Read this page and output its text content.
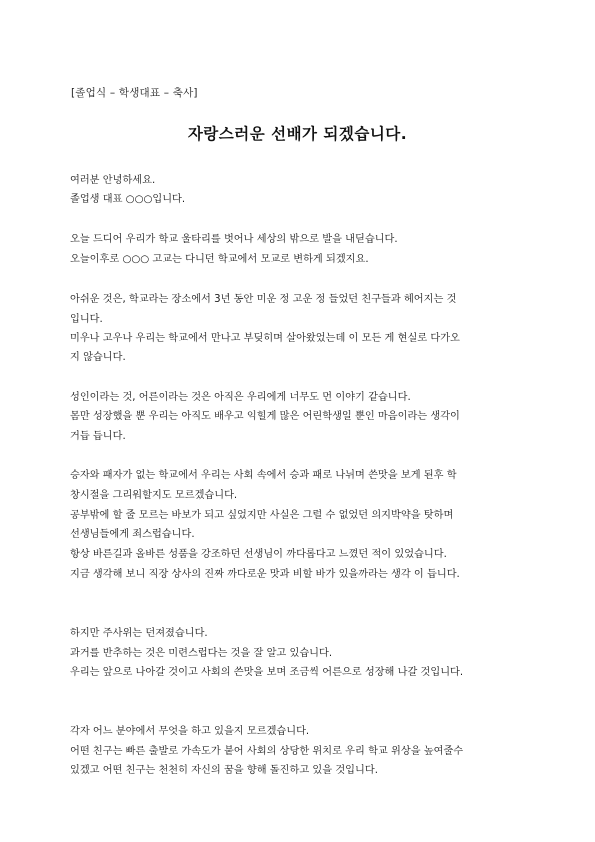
[졸업식 – 학생대표 – 축사]
자랑스러운 선배가 되겠습니다.
여러분 안녕하세요.
졸업생 대표 ○○○입니다.
오늘 드디어 우리가 학교 울타리를 벗어나 세상의 밖으로 발을 내딛습니다.
오늘이후로 ○○○ 고교는 다니던 학교에서 모교로 변하게 되겠지요.
아쉬운 것은, 학교라는 장소에서 3년 동안 미운 정 고운 정 들었던 친구들과 헤어지는 것
입니다.
미우나 고우나 우리는 학교에서 만나고 부딪히며 살아왔었는데 이 모든 게 현실로 다가오
지 않습니다.
성인이라는 것, 어른이라는 것은 아직은 우리에게 너무도 먼 이야기 같습니다.
몸만 성장했을 뿐 우리는 아직도 배우고 익힐게 많은 어린학생일 뿐인 마음이라는 생각이
거듭 듭니다.
승자와 패자가 없는 학교에서 우리는 사회 속에서 승과 패로 나뉘며 쓴맛을 보게 된후 학
창시절을 그리워할지도 모르겠습니다.
공부밖에 할 줄 모르는 바보가 되고 싶었지만 사실은 그럴 수 없었던 의지박약을 탓하며
선생님들에게 죄스럽습니다.
항상 바른길과 올바른 성품을 강조하던 선생님이 까다롭다고 느꼈던 적이 있었습니다.
지금 생각해 보니 직장 상사의 진짜 까다로운 맛과 비할 바가 있을까라는 생각 이 듭니다.
하지만 주사위는 던져졌습니다.
과거를 반추하는 것은 미련스럽다는 것을 잘 알고 있습니다.
우리는 앞으로 나아갈 것이고 사회의 쓴맛을 보며 조금씩 어른으로 성장해 나갈 것입니다.
각자 어느 분야에서 무엇을 하고 있을지 모르겠습니다.
어떤 친구는 빠른 출발로 가속도가 붙어 사회의 상당한 위치로 우리 학교 위상을 높여줄수
있겠고 어떤 친구는 천천히 자신의 꿈을 향해 돌진하고 있을 것입니다.
